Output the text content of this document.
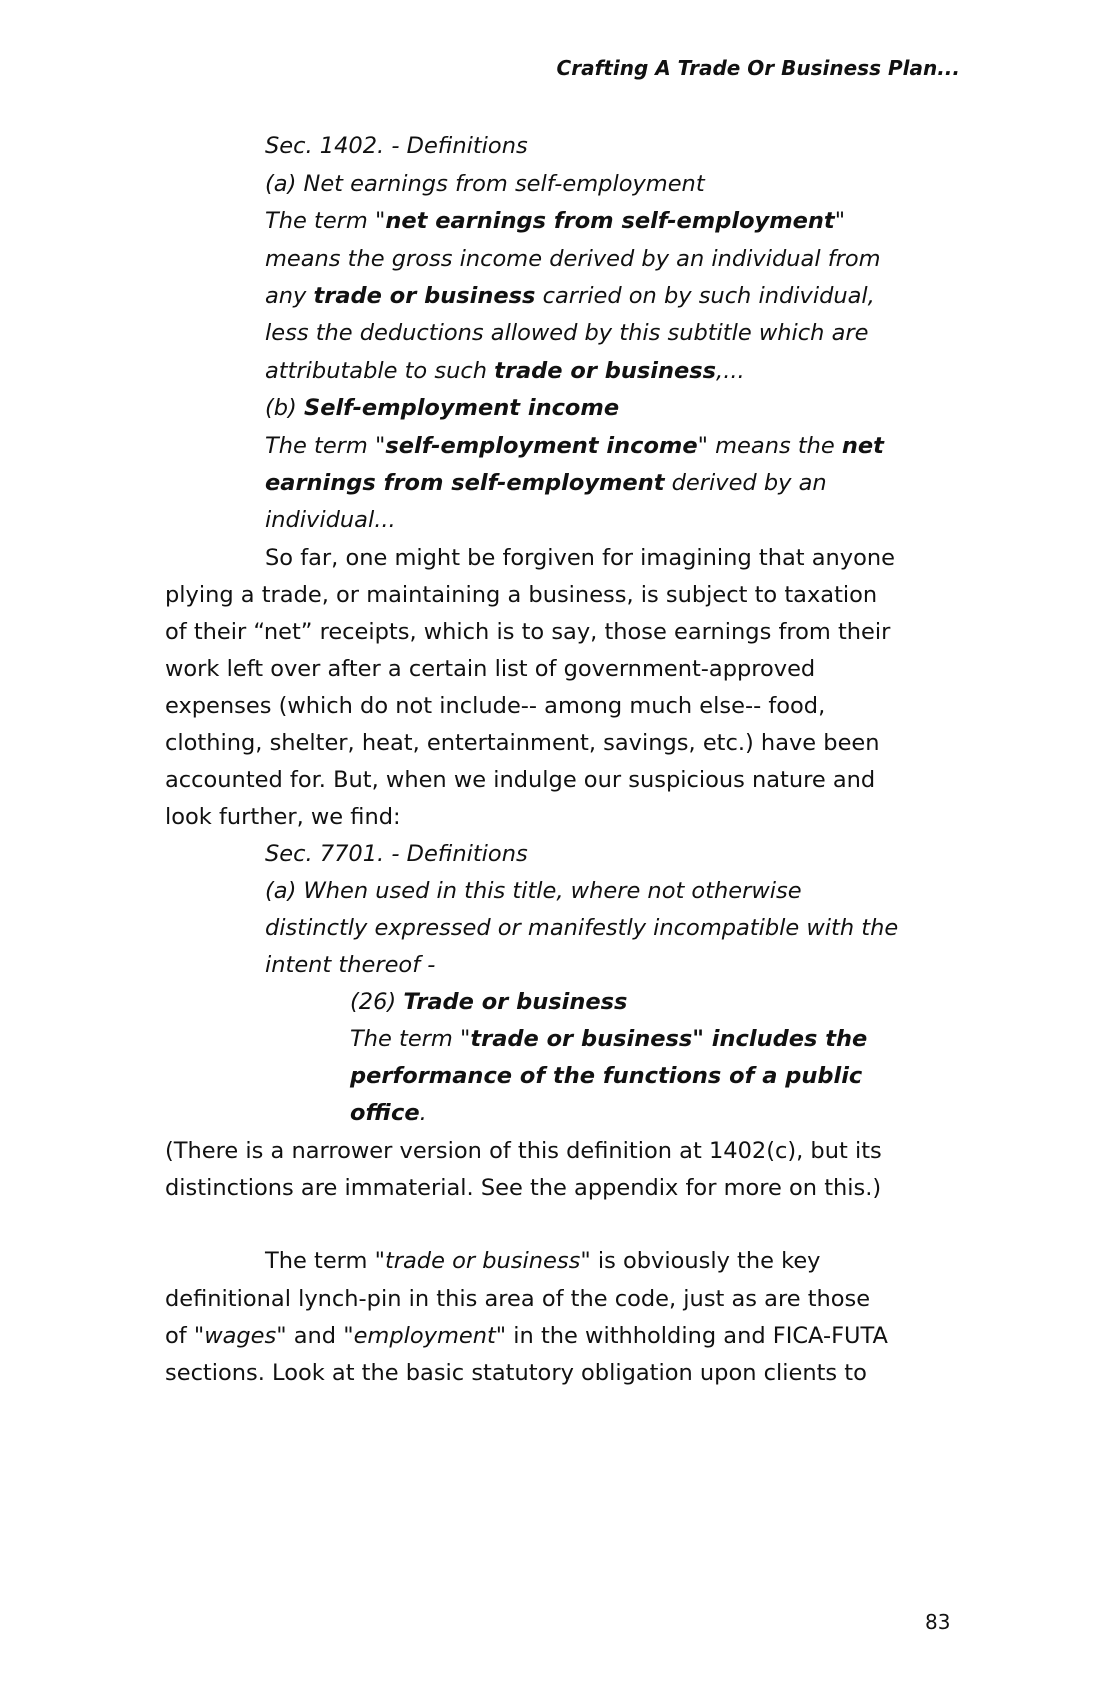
Crafting A Trade Or Business Plan...
Sec. 1402. - Definitions
(a) Net earnings from self-employment
The term "net earnings from self-employment"
means the gross income derived by an individual from
any trade or business carried on by such individual,
less the deductions allowed by this subtitle which are
attributable to such trade or business,...
(b) Self-employment income
The term "self-employment income" means the net
earnings from self-employment derived by an
individual...
So far, one might be forgiven for imagining that anyone
plying a trade, or maintaining a business, is subject to taxation
of their “net” receipts, which is to say, those earnings from their
work left over after a certain list of government-approved
expenses (which do not include-- among much else-- food,
clothing, shelter, heat, entertainment, savings, etc.) have been
accounted for. But, when we indulge our suspicious nature and
look further, we find:
Sec. 7701. - Definitions
(a) When used in this title, where not otherwise
distinctly expressed or manifestly incompatible with the
intent thereof -
(26) Trade or business
The term "trade or business" includes the
performance of the functions of a public
office.
(There is a narrower version of this definition at 1402(c), but its
distinctions are immaterial. See the appendix for more on this.)
The term "trade or business" is obviously the key
definitional lynch-pin in this area of the code, just as are those
of "wages" and "employment" in the withholding and FICA-FUTA
sections. Look at the basic statutory obligation upon clients to
83
